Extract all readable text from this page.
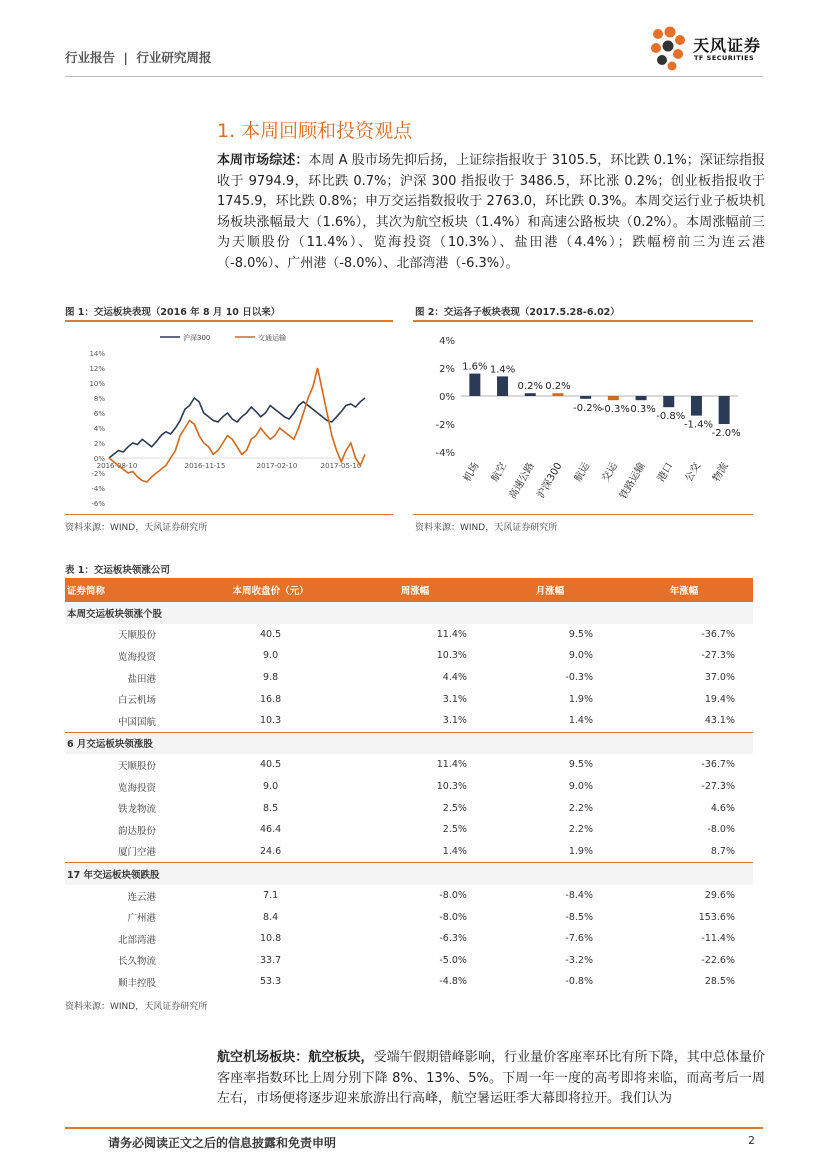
行业报告 | 行业研究周报
天风证券
TF SECURITIES
1. 本周回顾和投资观点
本周市场综述：本周 A 股市场先抑后扬，上证综指报收于 3105.5，环比跌 0.1%；深证综指报收于 9794.9，环比跌 0.7%；沪深 300 指报收于 3486.5，环比涨 0.2%；创业板指报收于 1745.9，环比跌 0.8%；申万交运指数报收于 2763.0，环比跌 0.3%。本周交运行业子板块机场板块涨幅最大（1.6%），其次为航空板块（1.4%）和高速公路板块（0.2%）。本周涨幅前三为天顺股份（11.4%）、览海投资（10.3%）、盐田港（4.4%）；跌幅榜前三为连云港（-8.0%）、广州港（-8.0%）、北部湾港（-6.3%）。
图 1：交运板块表现（2016 年 8 月 10 日以来）
14%
12%
10%
8%
6%
4%
2%
0%
-2%
-4%
-6%
2016-08-10	2016-11-15	2017-02-10	2017-05-10
沪深300	交通运输
资料来源：WIND，天风证券研究所
图 2：交运各子板块表现（2017.5.28-6.02）
4%
2%
0%
-2%
-4%
1.6%
机场
1.4%
航空
0.2%
高速公路
0.2%
沪深300
-0.2%
航运
-0.3%
交运
0.3%
铁路运输
-0.8%
港口
-1.4%
公交
-2.0%
物流
资料来源：WIND，天风证券研究所
表 1：交运板块领涨公司
证券简称	本周收盘价（元）	周涨幅	月涨幅	年涨幅
本周交运板块领涨个股				
天顺股份	40.5	11.4%	9.5%	-36.7%
览海投资	9.0	10.3%	9.0%	-27.3%
盐田港	9.8	4.4%	-0.3%	37.0%
白云机场	16.8	3.1%	1.9%	19.4%
中国国航	10.3	3.1%	1.4%	43.1%
6 月交运板块领涨股				
天顺股份	40.5	11.4%	9.5%	-36.7%
览海投资	9.0	10.3%	9.0%	-27.3%
铁龙物流	8.5	2.5%	2.2%	4.6%
韵达股份	46.4	2.5%	2.2%	-8.0%
厦门空港	24.6	1.4%	1.9%	8.7%
17 年交运板块领跌股				
连云港	7.1	-8.0%	-8.4%	29.6%
广州港	8.4	-8.0%	-8.5%	153.6%
北部湾港	10.8	-6.3%	-7.6%	-11.4%
长久物流	33.7	-5.0%	-3.2%	-22.6%
顺丰控股	53.3	-4.8%	-0.8%	28.5%
资料来源：WIND，天风证券研究所
航空机场板块：航空板块，受端午假期错峰影响，行业量价客座率环比有所下降，其中总体量价客座率指数环比上周分别下降 8%、13%、5%。下周一年一度的高考即将来临，而高考后一周左右，市场便将逐步迎来旅游出行高峰，航空暑运旺季大幕即将拉开。我们认为
请务必阅读正文之后的信息披露和免责申明	2
